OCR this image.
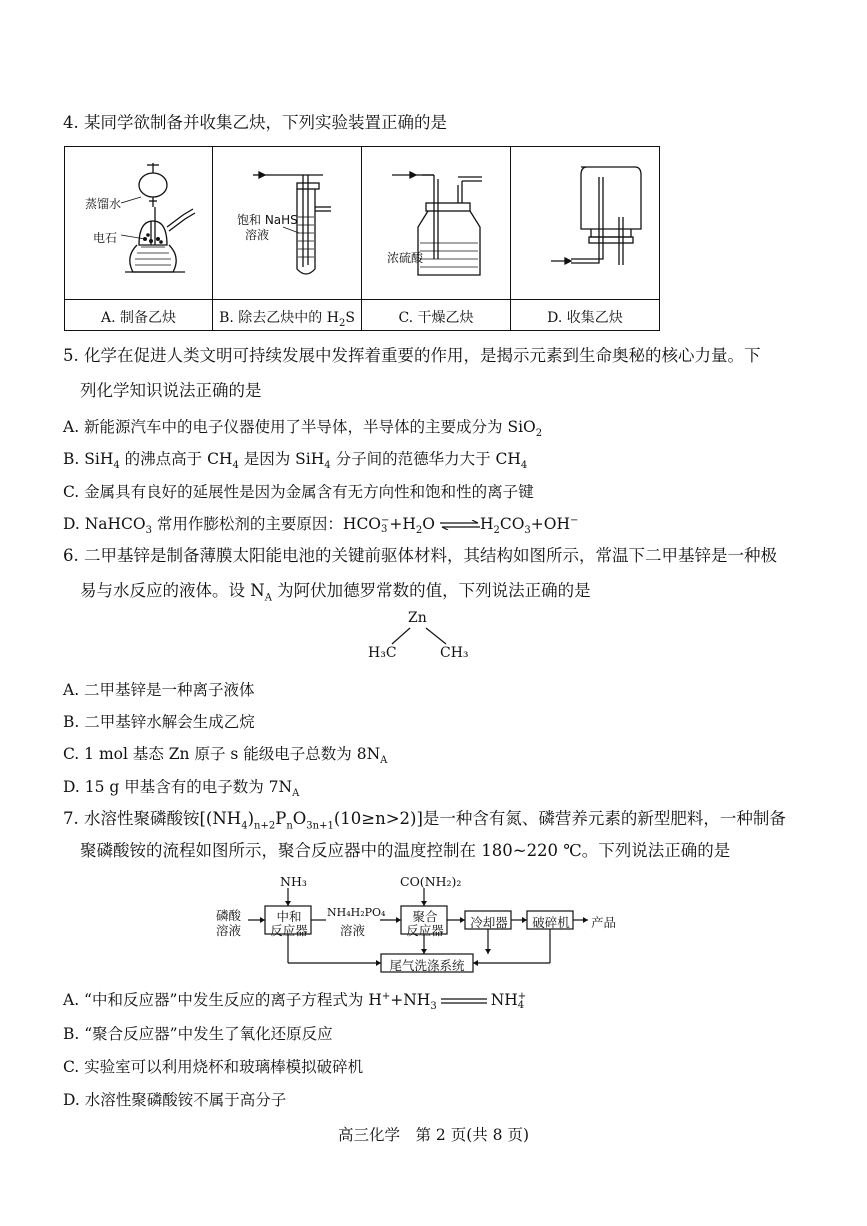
4. 某同学欲制备并收集乙炔，下列实验装置正确的是
蒸馏水
电石
饱和 NaHS
溶液
浓硫酸
A. 制备乙炔	B. 除去乙炔中的 $H_2S$	C. 干燥乙炔	D. 收集乙炔
5. 化学在促进人类文明可持续发展中发挥着重要的作用，是揭示元素到生命奥秘的核心力量。下
列化学知识说法正确的是
A. 新能源汽车中的电子仪器使用了半导体，半导体的主要成分为 SiO$_2$
B. SiH$_4$ 的沸点高于 $CH_4$ 是因为 SiH$_4$ 分子间的范德华力大于 $CH_4$
C. 金属具有良好的延展性是因为金属含有无方向性和饱和性的离子键
D. NaHCO$_3$ 常用作膨松剂的主要原因：HCO −
$3 +H_2O$ $\rightleftharpoons H_2CO_3+OH^-$
6. 二甲基锌是制备薄膜太阳能电池的关键前驱体材料，其结构如图所示，常温下二甲基锌是一种极
易与水反应的液体。设 $N_A$ 为阿伏加德罗常数的值，下列说法正确的是
Zn
H₃C	CH₃
A. 二甲基锌是一种离子液体
B. 二甲基锌水解会生成乙烷
C. 1 mol 基态 Zn 原子 s 能级电子总数为 $8N_A$
D. 15 g 甲基含有的电子数为 $7N_A$
7. 水溶性聚磷酸铵$[(NH_4)_{n+2}P_nO_{3n+1}(10\ge n>2)]$是一种含有氮、磷营养元素的新型肥料，一种制备
聚磷酸铵的流程如图所示，聚合反应器中的温度控制在 180~220 ℃。下列说法正确的是
NH₃	CO(NH₂)₂
磷酸
溶液
中和
反应器
NH₄H₂PO₄
溶液
聚合
反应器
冷却器	破碎机	产品
尾气洗涤系统
A. “中和反应器”中发生反应的离子方程式为 $H^++NH_3$	NH +
4
B. “聚合反应器”中发生了氧化还原反应
C. 实验室可以利用烧杯和玻璃棒模拟破碎机
D. 水溶性聚磷酸铵不属于高分子
高三化学　第 2 页(共 8 页)
